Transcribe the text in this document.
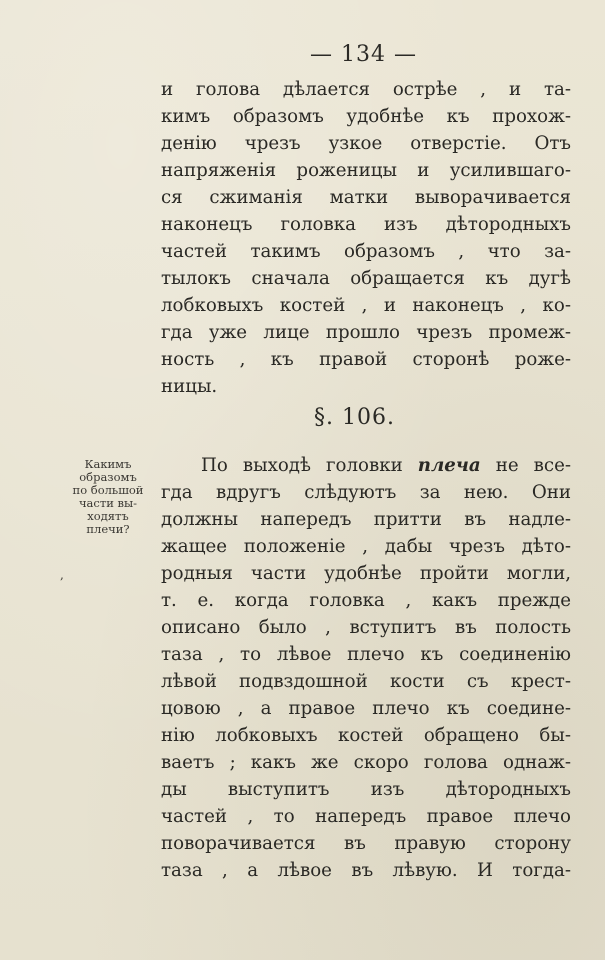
— 134 —
и голова дѣлается острѣе , и та-
кимъ образомъ удобнѣе къ прохож-
денію чрезъ узкое отверстіе. Отъ
напряженія роженицы и усилившаго-
ся сжиманія матки выворачивается
наконецъ головка изъ дѣтородныхъ
частей такимъ образомъ , что за-
тылокъ сначала обращается къ дугѣ
лобковыхъ костей , и наконецъ , ко-
гда уже лице прошло чрезъ промеж-
ность , къ правой сторонѣ роже-
ницы.
§. 106.
Какимъ
образомъ
по большой
части вы-
ходятъ
плечи?
,
По выходѣ головки плеча не все-
гда вдругъ слѣдуютъ за нею. Они
должны напередъ притти въ надле-
жащее положеніе , дабы чрезъ дѣто-
родныя части удобнѣе пройти могли,
т. е. когда головка , какъ прежде
описано было , вступитъ въ полость
таза , то лѣвое плечо къ соединенію
лѣвой подвздошной кости съ крест-
цовою , а правое плечо къ соедине-
нію лобковыхъ костей обращено бы-
ваетъ ; какъ же скоро голова однаж-
ды выступитъ изъ дѣтородныхъ
частей , то напередъ правое плечо
поворачивается въ правую сторону
таза , а лѣвое въ лѣвую. И тогда-
